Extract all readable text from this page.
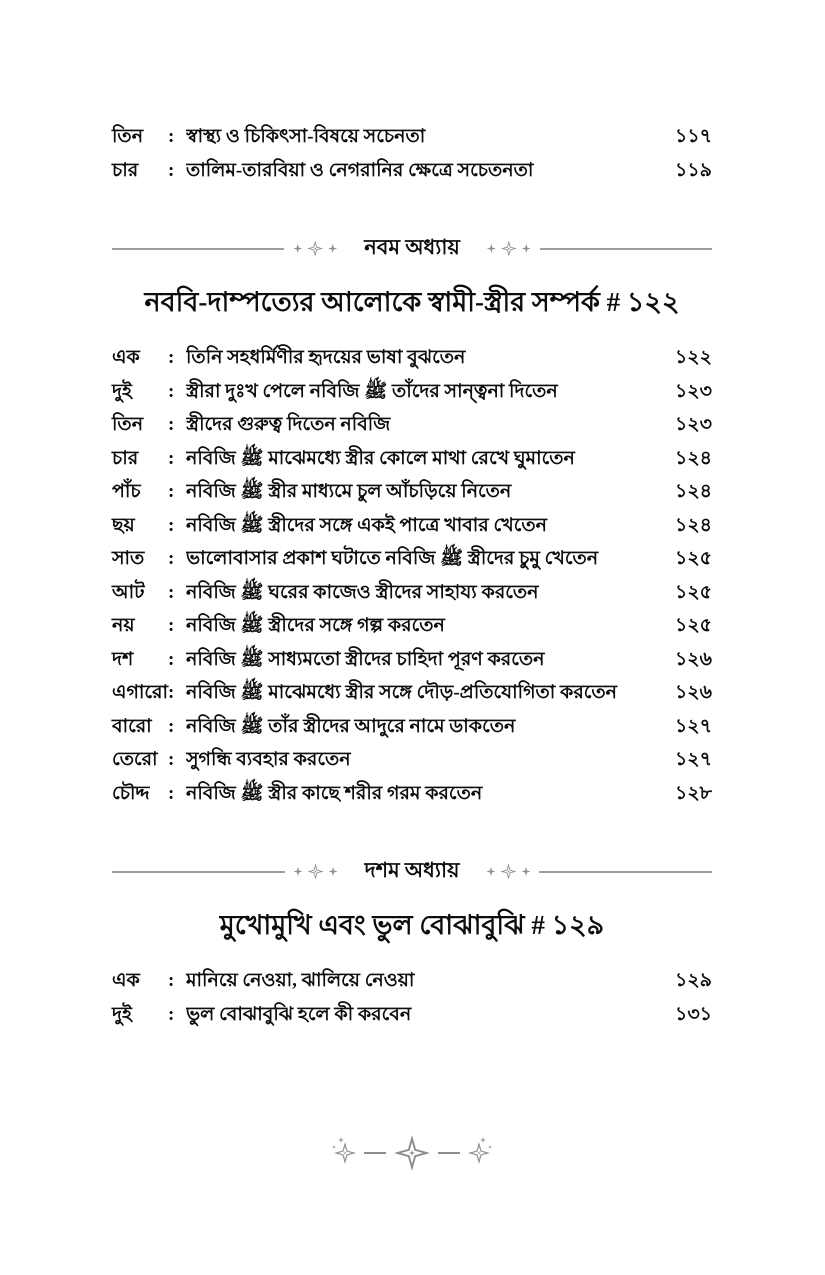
তিন	: স্বাস্থ্য ও চিকিৎসা-বিষয়ে সচেনতা	১১৭
চার	: তালিম-তারবিয়া ও নেগরানির ক্ষেত্রে সচেতনতা	১১৯
নবম অধ্যায়
নববি-দাম্পত্যের আলোকে স্বামী-স্ত্রীর সম্পর্ক # ১২২
এক	: তিনি সহধর্মিণীর হৃদয়ের ভাষা বুঝতেন	১২২
দুই	: স্ত্রীরা দুঃখ পেলে নবিজি ﷺ তাঁদের সান্ত্বনা দিতেন	১২৩
তিন	: স্ত্রীদের গুরুত্ব দিতেন নবিজি	১২৩
চার	: নবিজি ﷺ মাঝেমধ্যে স্ত্রীর কোলে মাথা রেখে ঘুমাতেন	১২৪
পাঁচ	: নবিজি ﷺ স্ত্রীর মাধ্যমে চুল আঁচড়িয়ে নিতেন	১২৪
ছয়	: নবিজি ﷺ স্ত্রীদের সঙ্গে একই পাত্রে খাবার খেতেন	১২৪
সাত	: ভালোবাসার প্রকাশ ঘটাতে নবিজি ﷺ স্ত্রীদের চুমু খেতেন	১২৫
আট	: নবিজি ﷺ ঘরের কাজেও স্ত্রীদের সাহায্য করতেন	১২৫
নয়	: নবিজি ﷺ স্ত্রীদের সঙ্গে গল্প করতেন	১২৫
দশ	: নবিজি ﷺ সাধ্যমতো স্ত্রীদের চাহিদা পূরণ করতেন	১২৬
এগারো : নবিজি ﷺ মাঝেমধ্যে স্ত্রীর সঙ্গে দৌড়-প্রতিযোগিতা করতেন	১২৬
বারো : নবিজি ﷺ তাঁর স্ত্রীদের আদুরে নামে ডাকতেন	১২৭
তেরো : সুগন্ধি ব্যবহার করতেন	১২৭
চৌদ্দ : নবিজি ﷺ স্ত্রীর কাছে শরীর গরম করতেন	১২৮
দশম অধ্যায়
মুখোমুখি এবং ভুল বোঝাবুঝি # ১২৯
এক	: মানিয়ে নেওয়া, ঝালিয়ে নেওয়া	১২৯
দুই	: ভুল বোঝাবুঝি হলে কী করবেন	১৩১
